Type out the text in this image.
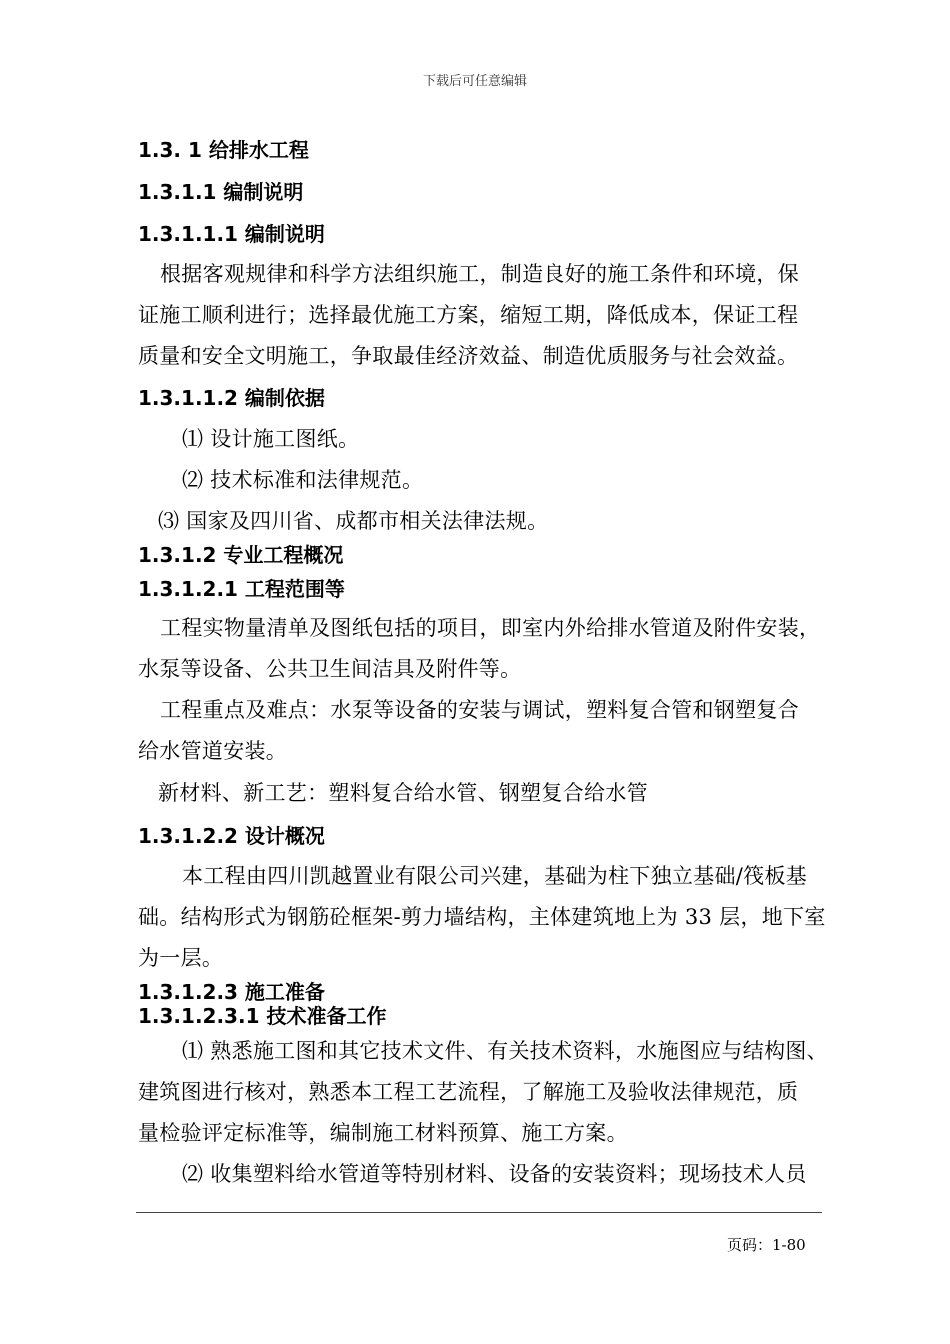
下载后可任意编辑
1.3. 1 给排水工程
1.3.1.1 编制说明
1.3.1.1.1 编制说明
根据客观规律和科学方法组织施工，制造良好的施工条件和环境，保
证施工顺利进行；选择最优施工方案，缩短工期，降低成本，保证工程
质量和安全文明施工，争取最佳经济效益、制造优质服务与社会效益。
1.3.1.1.2 编制依据
⑴ 设计施工图纸。
⑵ 技术标准和法律规范。
⑶ 国家及四川省、成都市相关法律法规。
1.3.1.2 专业工程概况
1.3.1.2.1 工程范围等
工程实物量清单及图纸包括的项目，即室内外给排水管道及附件安装，
水泵等设备、公共卫生间洁具及附件等。
工程重点及难点：水泵等设备的安装与调试，塑料复合管和钢塑复合
给水管道安装。
新材料、新工艺：塑料复合给水管、钢塑复合给水管
1.3.1.2.2 设计概况
本工程由四川凯越置业有限公司兴建，基础为柱下独立基础/筏板基
础。结构形式为钢筋砼框架-剪力墙结构，主体建筑地上为 33 层，地下室
为一层。
1.3.1.2.3 施工准备
1.3.1.2.3.1 技术准备工作
⑴ 熟悉施工图和其它技术文件、有关技术资料，水施图应与结构图、
建筑图进行核对，熟悉本工程工艺流程，了解施工及验收法律规范，质
量检验评定标准等，编制施工材料预算、施工方案。
⑵ 收集塑料给水管道等特别材料、设备的安装资料；现场技术人员
页码：1-80
